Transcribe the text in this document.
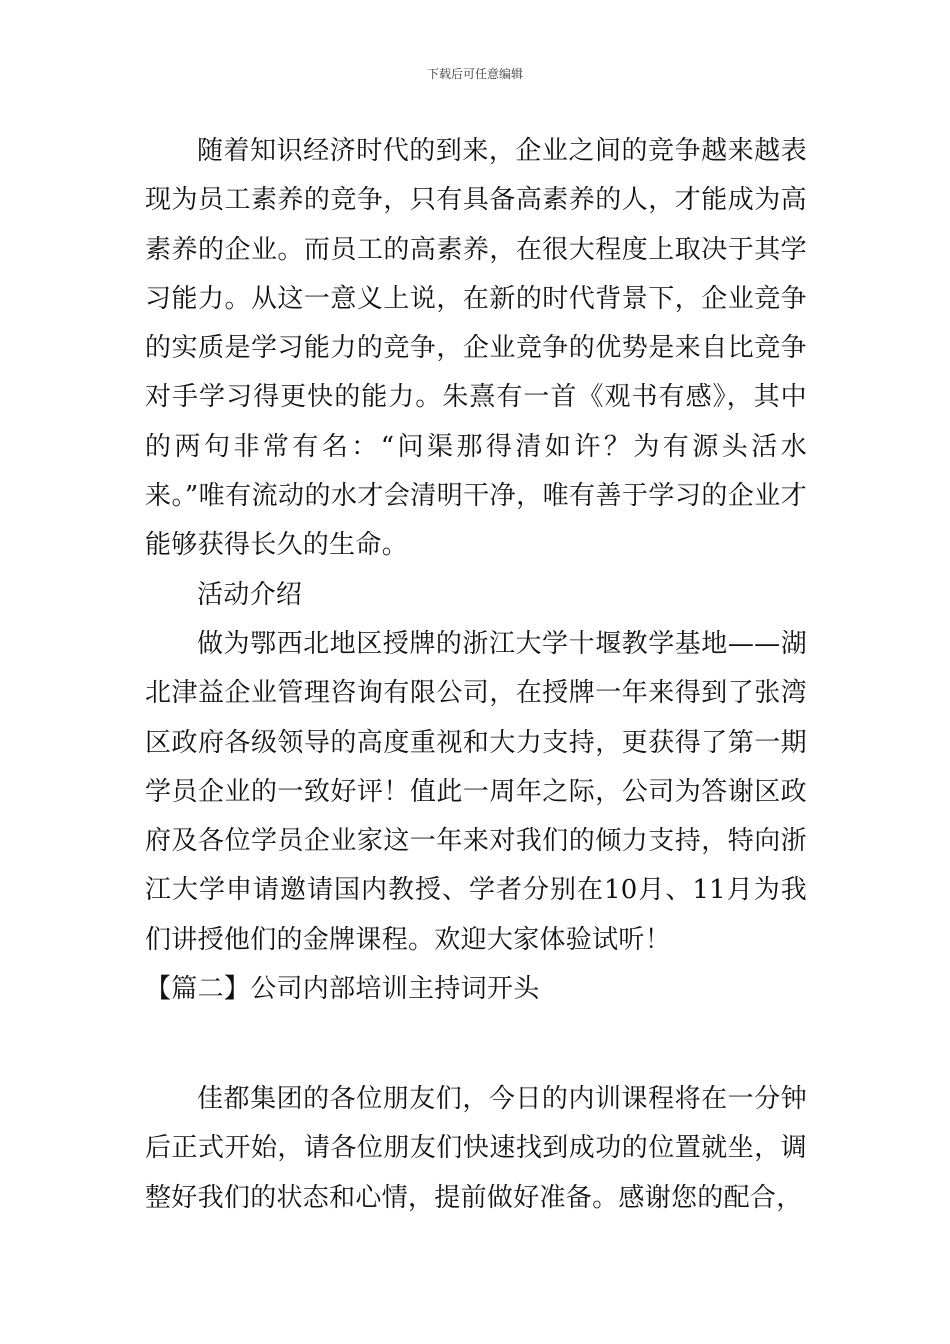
下载后可任意编辑

随着知识经济时代的到来，企业之间的竞争越来越表现为员工素养的竞争，只有具备高素养的人，才能成为高素养的企业。而员工的高素养，在很大程度上取决于其学习能力。从这一意义上说，在新的时代背景下，企业竞争的实质是学习能力的竞争，企业竞争的优势是来自比竞争对手学习得更快的能力。朱熹有一首《观书有感》，其中的两句非常有名：“问渠那得清如许？为有源头活水来。”唯有流动的水才会清明干净，唯有善于学习的企业才能够获得长久的生命。

活动介绍

做为鄂西北地区授牌的浙江大学十堰教学基地——湖北津益企业管理咨询有限公司，在授牌一年来得到了张湾区政府各级领导的高度重视和大力支持，更获得了第一期学员企业的一致好评！值此一周年之际，公司为答谢区政府及各位学员企业家这一年来对我们的倾力支持，特向浙江大学申请邀请国内教授、学者分别在10月、11月为我们讲授他们的金牌课程。欢迎大家体验试听！

【篇二】公司内部培训主持词开头

佳都集团的各位朋友们，今日的内训课程将在一分钟后正式开始，请各位朋友们快速找到成功的位置就坐，调整好我们的状态和心情，提前做好准备。感谢您的配合，
